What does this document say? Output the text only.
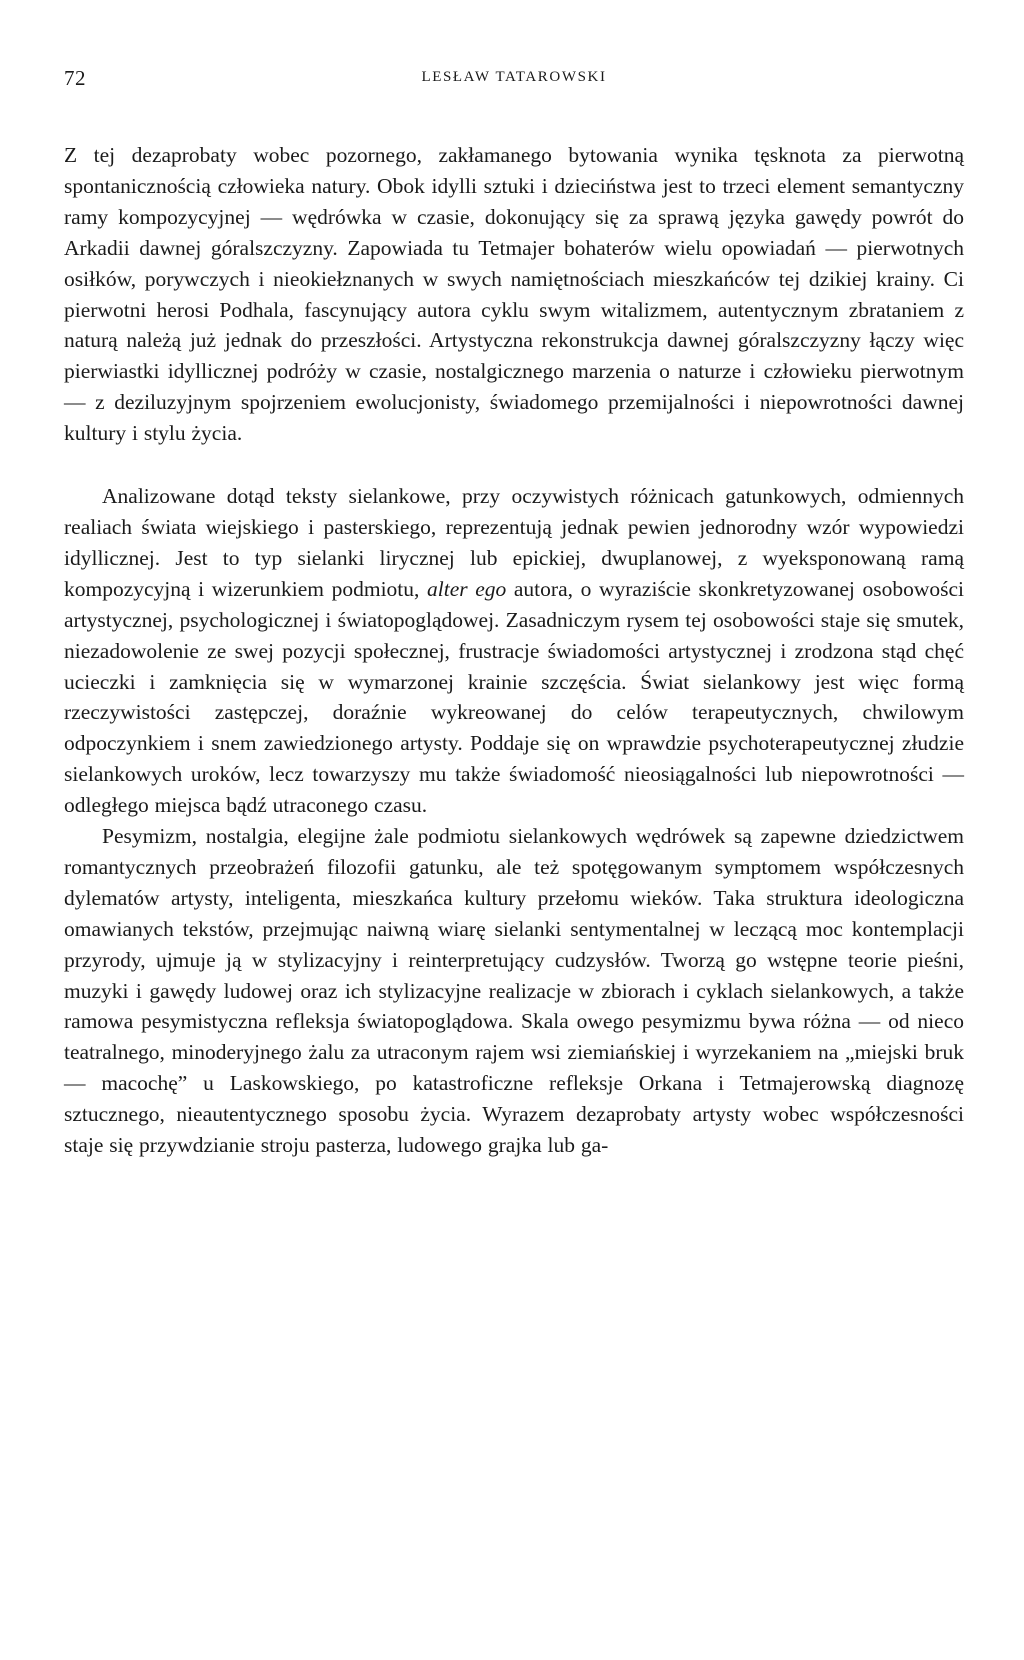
72	LESŁAW TATAROWSKI

Z tej dezaprobaty wobec pozornego, zakłamanego bytowania wynika tęsknota za pierwotną spontanicznością człowieka natury. Obok idylli sztuki i dzieciństwa jest to trzeci element semantyczny ramy kompozycyjnej — wędrówka w czasie, dokonujący się za sprawą języka gawędy powrót do Arkadii dawnej góralszczyzny. Zapowiada tu Tetmajer bohaterów wielu opowiadań — pierwotnych osiłków, porywczych i nieokiełznanych w swych namiętnościach mieszkańców tej dzikiej krainy. Ci pierwotni herosi Podhala, fascynujący autora cyklu swym witalizmem, autentycznym zbrataniem z naturą należą już jednak do przeszłości. Artystyczna rekonstrukcja dawnej góralszczyzny łączy więc pierwiastki idyllicznej podróży w czasie, nostalgicznego marzenia o naturze i człowieku pierwotnym — z deziluzyjnym spojrzeniem ewolucjonisty, świadomego przemijalności i niepowrotności dawnej kultury i stylu życia.

Analizowane dotąd teksty sielankowe, przy oczywistych różnicach gatunkowych, odmiennych realiach świata wiejskiego i pasterskiego, reprezentują jednak pewien jednorodny wzór wypowiedzi idyllicznej. Jest to typ sielanki lirycznej lub epickiej, dwuplanowej, z wyeksponowaną ramą kompozycyjną i wizerunkiem podmiotu, alter ego autora, o wyraziście skonkretyzowanej osobowości artystycznej, psychologicznej i światopoglądowej. Zasadniczym rysem tej osobowości staje się smutek, niezadowolenie ze swej pozycji społecznej, frustracje świadomości artystycznej i zrodzona stąd chęć ucieczki i zamknięcia się w wymarzonej krainie szczęścia. Świat sielankowy jest więc formą rzeczywistości zastępczej, doraźnie wykreowanej do celów terapeutycznych, chwilowym odpoczynkiem i snem zawiedzionego artysty. Poddaje się on wprawdzie psychoterapeutycznej złudzie sielankowych uroków, lecz towarzyszy mu także świadomość nieosiągalności lub niepowrotności — odległego miejsca bądź utraconego czasu.

Pesymizm, nostalgia, elegijne żale podmiotu sielankowych wędrówek są zapewne dziedzictwem romantycznych przeobrażeń filozofii gatunku, ale też spotęgowanym symptomem współczesnych dylematów artysty, inteligenta, mieszkańca kultury przełomu wieków. Taka struktura ideologiczna omawianych tekstów, przejmując naiwną wiarę sielanki sentymentalnej w leczącą moc kontemplacji przyrody, ujmuje ją w stylizacyjny i reinterpretujący cudzysłów. Tworzą go wstępne teorie pieśni, muzyki i gawędy ludowej oraz ich stylizacyjne realizacje w zbiorach i cyklach sielankowych, a także ramowa pesymistyczna refleksja światopoglądowa. Skala owego pesymizmu bywa różna — od nieco teatralnego, minoderyjnego żalu za utraconym rajem wsi ziemiańskiej i wyrzekaniem na „miejski bruk — macochę” u Laskowskiego, po katastroficzne refleksje Orkana i Tetmajerowską diagnozę sztucznego, nieautentycznego sposobu życia. Wyrazem dezaprobaty artysty wobec współczesności staje się przywdzianie stroju pasterza, ludowego grajka lub ga-
